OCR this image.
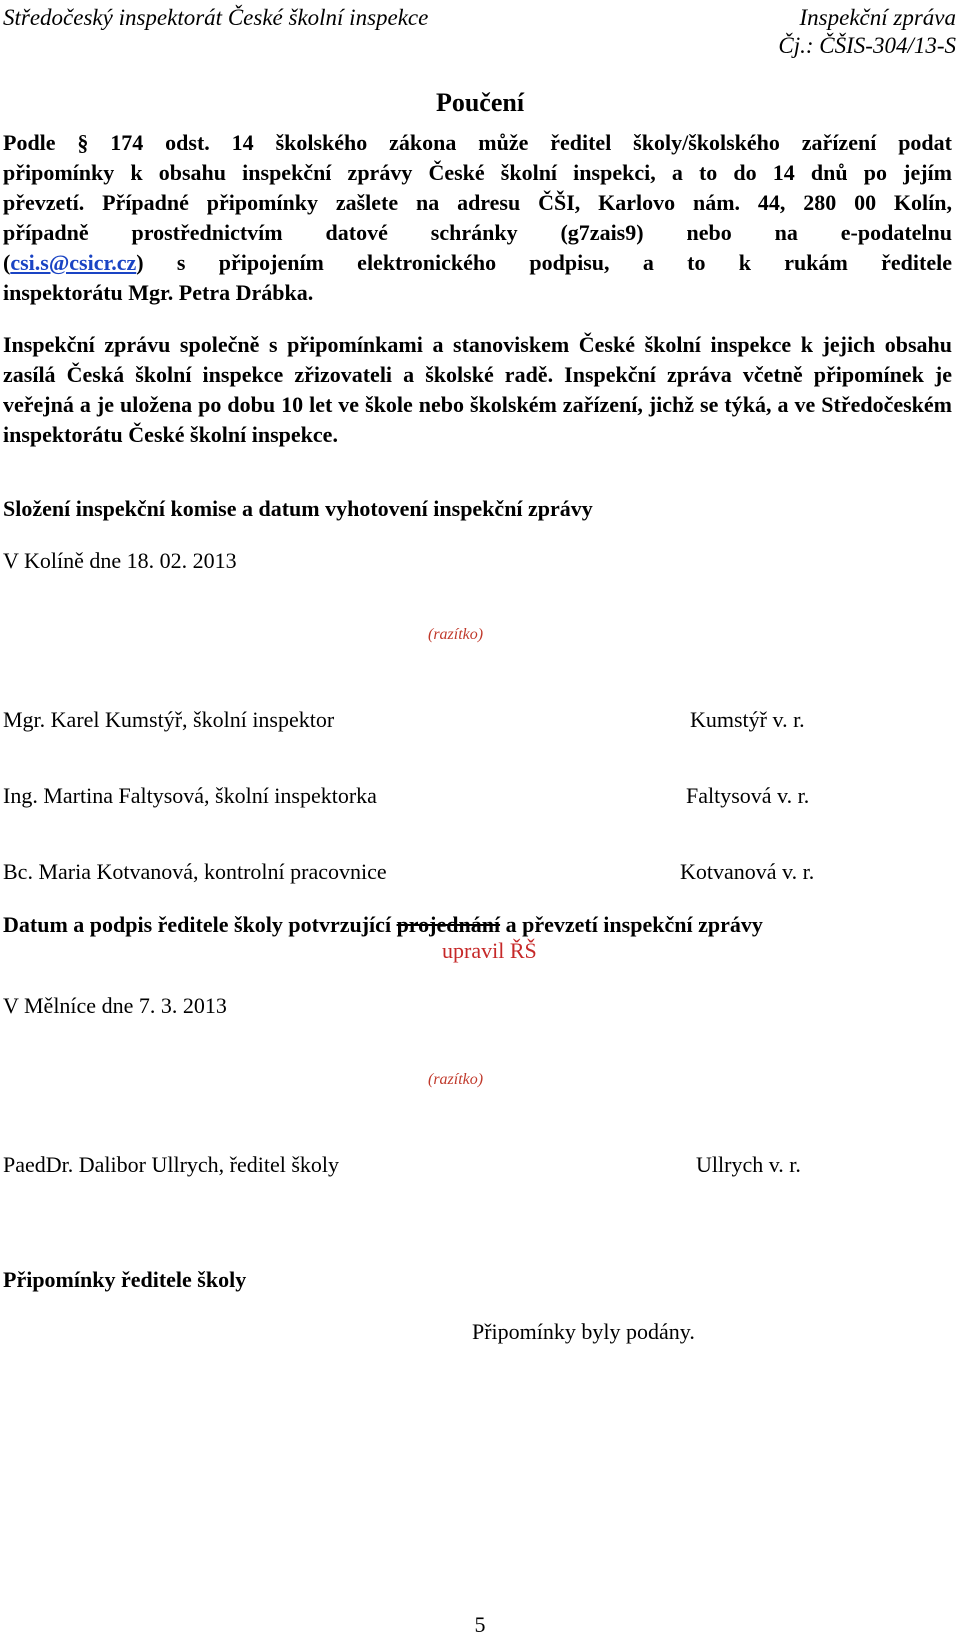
Středočeský inspektorát České školní inspekce	Inspekční zpráva
Čj.: ČŠIS-304/13-S
Poučení
Podle § 174 odst. 14 školského zákona může ředitel školy/školského zařízení podat
připomínky k obsahu inspekční zprávy České školní inspekci, a to do 14 dnů po jejím
převzetí. Případné připomínky zašlete na adresu ČŠI, Karlovo nám. 44, 280 00 Kolín,
případně prostřednictvím datové schránky (g7zais9) nebo na e-podatelnu
(csi.s@csicr.cz) s připojením elektronického podpisu, a to k rukám ředitele
inspektorátu Mgr. Petra Drábka.
Inspekční zprávu společně s připomínkami a stanoviskem České školní inspekce k jejich obsahu zasílá Česká školní inspekce zřizovateli a školské radě. Inspekční zpráva včetně připomínek je veřejná a je uložena po dobu 10 let ve škole nebo školském zařízení, jichž se týká, a ve Středočeském inspektorátu České školní inspekce.
Složení inspekční komise a datum vyhotovení inspekční zprávy
V Kolíně dne 18. 02. 2013
(razítko)
Mgr. Karel Kumstýř, školní inspektor	Kumstýř v. r.
Ing. Martina Faltysová, školní inspektorka	Faltysová v. r.
Bc. Maria Kotvanová, kontrolní pracovnice	Kotvanová v. r.
Datum a podpis ředitele školy potvrzující projednání a převzetí inspekční zprávy
upravil ŘŠ
V Mělníce dne 7. 3. 2013
(razítko)
PaedDr. Dalibor Ullrych, ředitel školy	Ullrych v. r.
Připomínky ředitele školy
Připomínky byly podány.
5
